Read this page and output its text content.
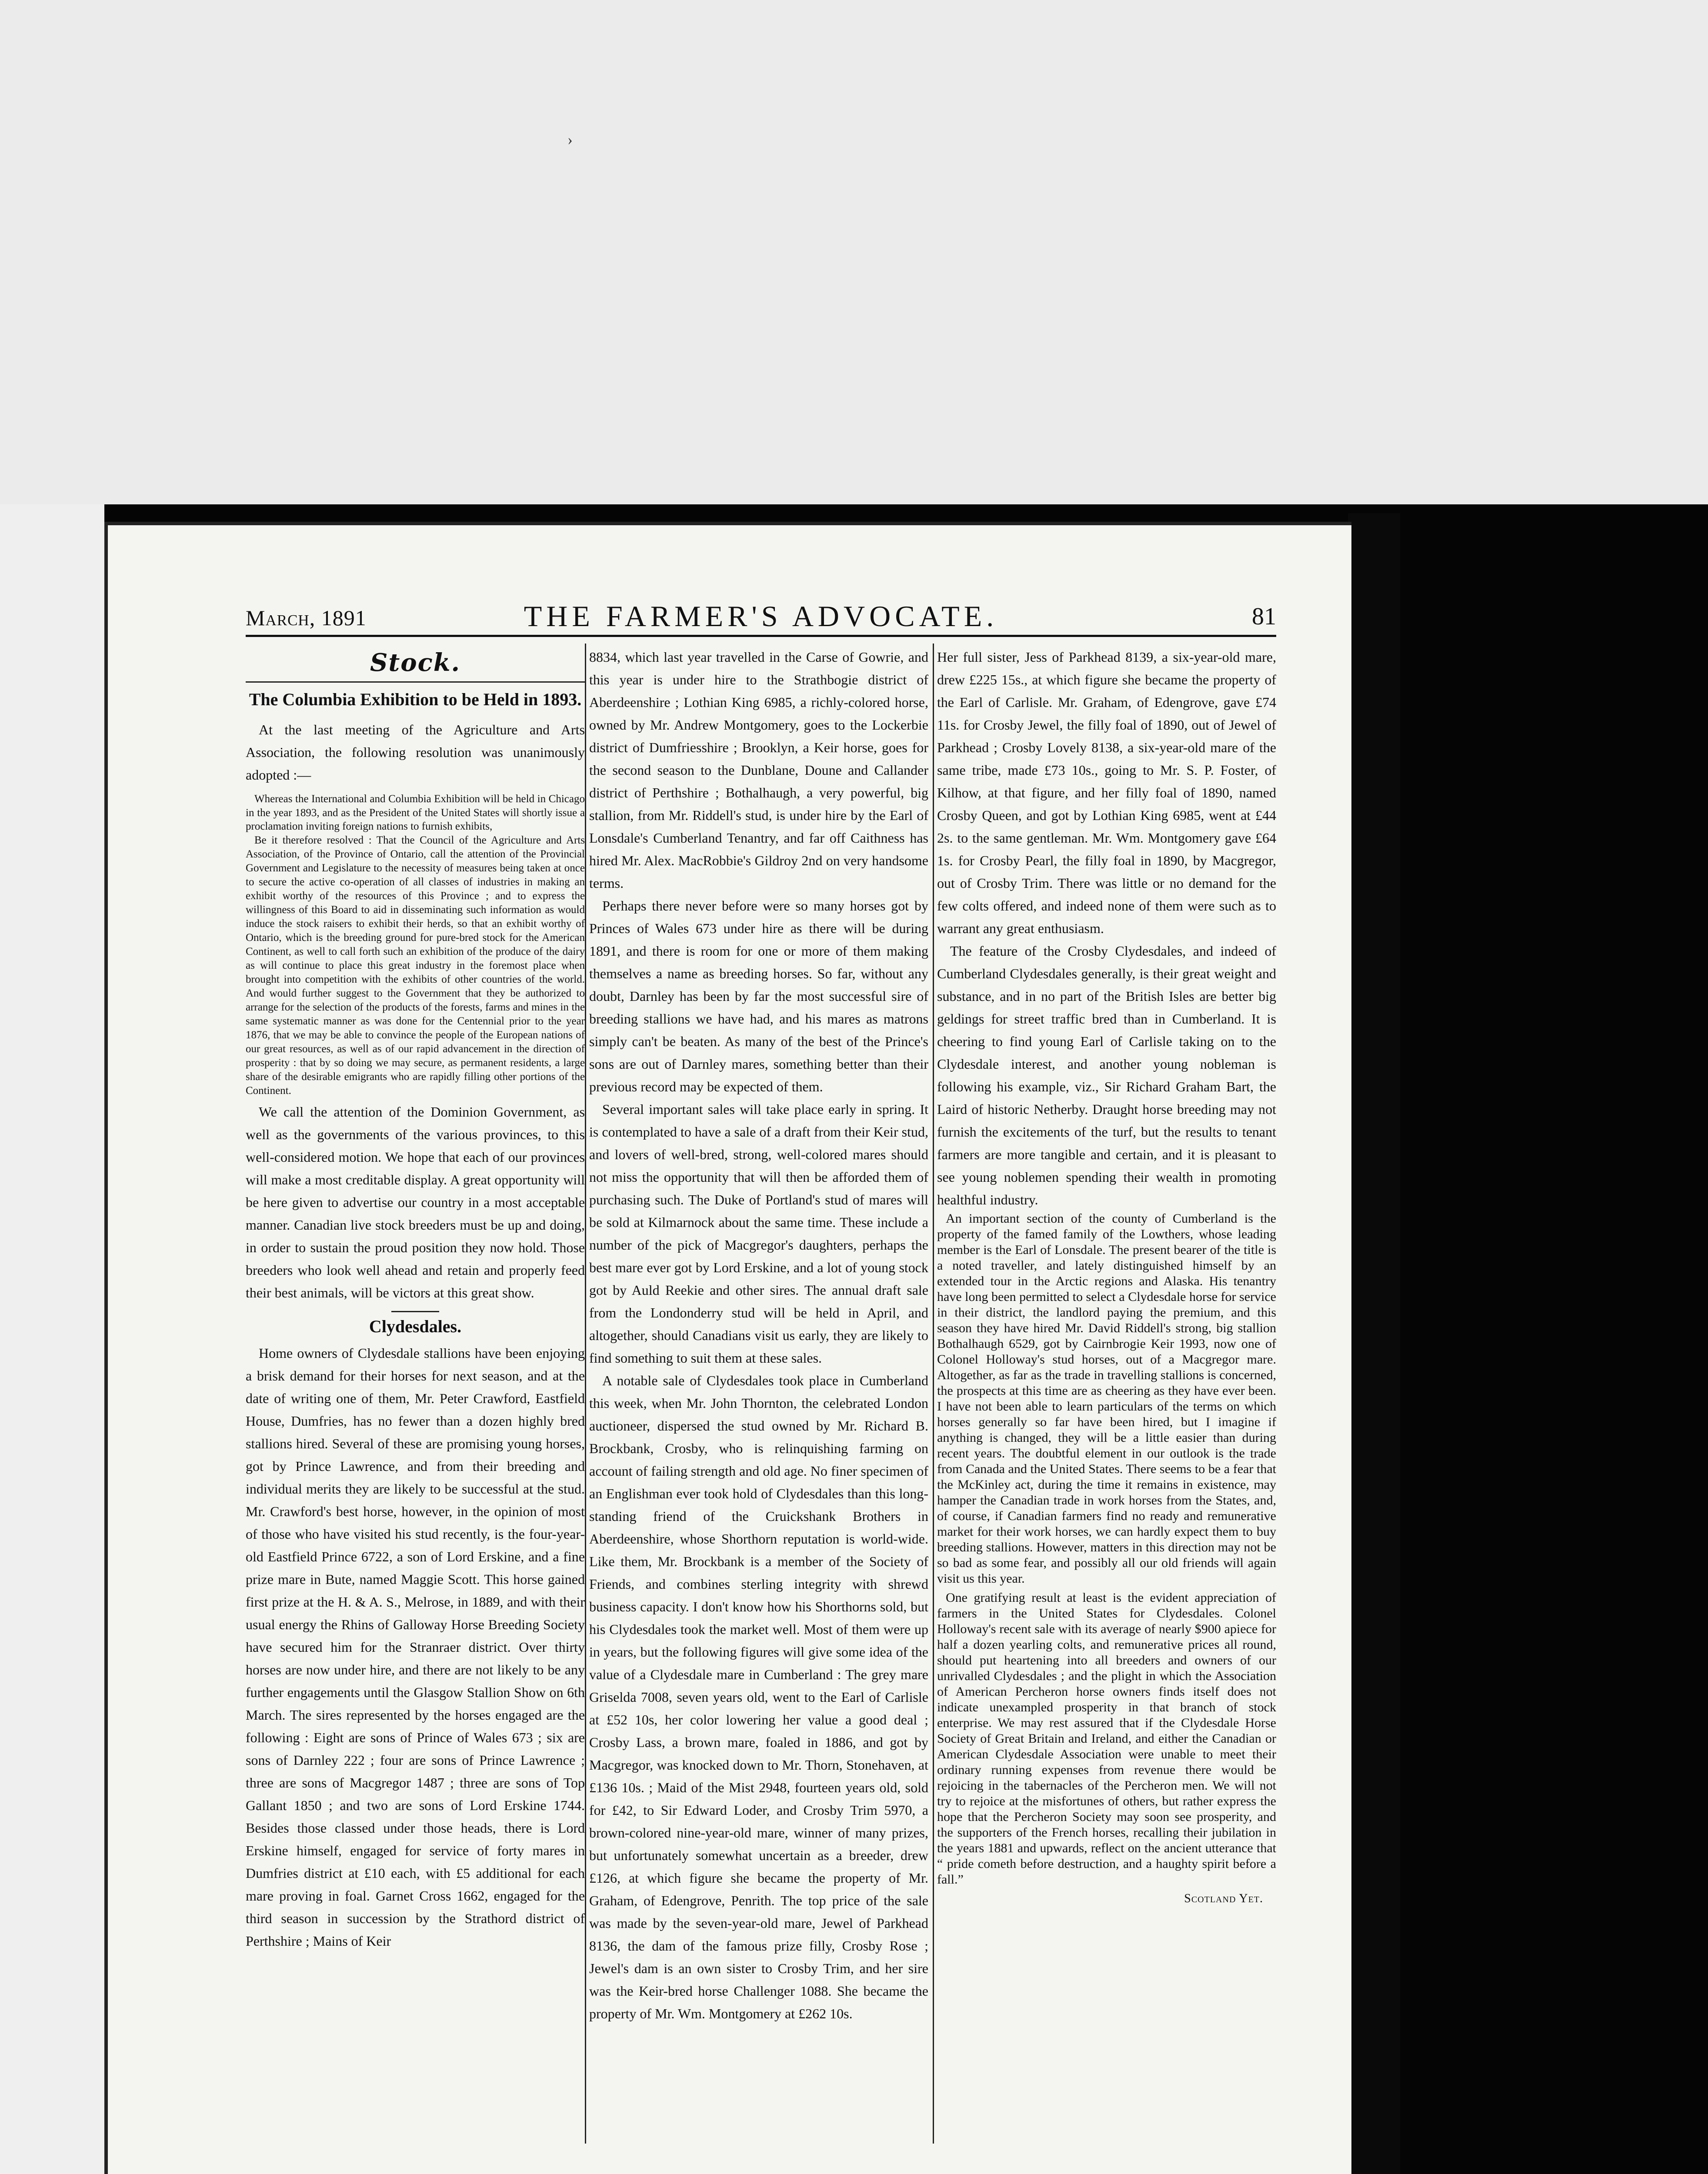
›
March, 1891	THE FARMER'S ADVOCATE.	81
Stock.
The Columbia Exhibition to be Held in 1893.

At the last meeting of the Agriculture and Arts Association, the following resolution was unanimously adopted :—

Whereas the International and Columbia Exhibition will be held in Chicago in the year 1893, and as the President of the United States will shortly issue a proclamation inviting foreign nations to furnish exhibits,

Be it therefore resolved : That the Council of the Agriculture and Arts Association, of the Province of Ontario, call the attention of the Provincial Government and Legislature to the necessity of measures being taken at once to secure the active co-operation of all classes of industries in making an exhibit worthy of the resources of this Province ; and to express the willingness of this Board to aid in disseminating such information as would induce the stock raisers to exhibit their herds, so that an exhibit worthy of Ontario, which is the breeding ground for pure-bred stock for the American Continent, as well to call forth such an exhibition of the produce of the dairy as will continue to place this great industry in the foremost place when brought into competition with the exhibits of other countries of the world. And would further suggest to the Government that they be authorized to arrange for the selection of the products of the forests, farms and mines in the same systematic manner as was done for the Centennial prior to the year 1876, that we may be able to convince the people of the European nations of our great resources, as well as of our rapid advancement in the direction of prosperity : that by so doing we may secure, as permanent residents, a large share of the desirable emigrants who are rapidly filling other portions of the Continent.

We call the attention of the Dominion Government, as well as the governments of the various provinces, to this well-considered motion. We hope that each of our provinces will make a most creditable display. A great opportunity will be here given to advertise our country in a most acceptable manner. Canadian live stock breeders must be up and doing, in order to sustain the proud position they now hold. Those breeders who look well ahead and retain and properly feed their best animals, will be victors at this great show.

Clydesdales.

Home owners of Clydesdale stallions have been enjoying a brisk demand for their horses for next season, and at the date of writing one of them, Mr. Peter Crawford, Eastfield House, Dumfries, has no fewer than a dozen highly bred stallions hired. Several of these are promising young horses, got by Prince Lawrence, and from their breeding and individual merits they are likely to be successful at the stud. Mr. Crawford's best horse, however, in the opinion of most of those who have visited his stud recently, is the four-year-old Eastfield Prince 6722, a son of Lord Erskine, and a fine prize mare in Bute, named Maggie Scott. This horse gained first prize at the H. & A. S., Melrose, in 1889, and with their usual energy the Rhins of Galloway Horse Breeding Society have secured him for the Stranraer district. Over thirty horses are now under hire, and there are not likely to be any further engagements until the Glasgow Stallion Show on 6th March. The sires represented by the horses engaged are the following : Eight are sons of Prince of Wales 673 ; six are sons of Darnley 222 ; four are sons of Prince Lawrence ; three are sons of Macgregor 1487 ; three are sons of Top Gallant 1850 ; and two are sons of Lord Erskine 1744. Besides those classed under those heads, there is Lord Erskine himself, engaged for service of forty mares in Dumfries district at £10 each, with £5 additional for each mare proving in foal. Garnet Cross 1662, engaged for the third season in succession by the Strathord district of Perthshire ; Mains of Keir

8834, which last year travelled in the Carse of Gowrie, and this year is under hire to the Strathbogie district of Aberdeenshire ; Lothian King 6985, a richly-colored horse, owned by Mr. Andrew Montgomery, goes to the Lockerbie district of Dumfriesshire ; Brooklyn, a Keir horse, goes for the second season to the Dunblane, Doune and Callander district of Perthshire ; Bothalhaugh, a very powerful, big stallion, from Mr. Riddell's stud, is under hire by the Earl of Lonsdale's Cumberland Tenantry, and far off Caithness has hired Mr. Alex. MacRobbie's Gildroy 2nd on very handsome terms.

Perhaps there never before were so many horses got by Princes of Wales 673 under hire as there will be during 1891, and there is room for one or more of them making themselves a name as breeding horses. So far, without any doubt, Darnley has been by far the most successful sire of breeding stallions we have had, and his mares as matrons simply can't be beaten. As many of the best of the Prince's sons are out of Darnley mares, something better than their previous record may be expected of them.

Several important sales will take place early in spring. It is contemplated to have a sale of a draft from their Keir stud, and lovers of well-bred, strong, well-colored mares should not miss the opportunity that will then be afforded them of purchasing such. The Duke of Portland's stud of mares will be sold at Kilmarnock about the same time. These include a number of the pick of Macgregor's daughters, perhaps the best mare ever got by Lord Erskine, and a lot of young stock got by Auld Reekie and other sires. The annual draft sale from the Londonderry stud will be held in April, and altogether, should Canadians visit us early, they are likely to find something to suit them at these sales.

A notable sale of Clydesdales took place in Cumberland this week, when Mr. John Thornton, the celebrated London auctioneer, dispersed the stud owned by Mr. Richard B. Brockbank, Crosby, who is relinquishing farming on account of failing strength and old age. No finer specimen of an Englishman ever took hold of Clydesdales than this long-standing friend of the Cruickshank Brothers in Aberdeenshire, whose Shorthorn reputation is world-wide. Like them, Mr. Brockbank is a member of the Society of Friends, and combines sterling integrity with shrewd business capacity. I don't know how his Shorthorns sold, but his Clydesdales took the market well. Most of them were up in years, but the following figures will give some idea of the value of a Clydesdale mare in Cumberland : The grey mare Griselda 7008, seven years old, went to the Earl of Carlisle at £52 10s, her color lowering her value a good deal ; Crosby Lass, a brown mare, foaled in 1886, and got by Macgregor, was knocked down to Mr. Thorn, Stonehaven, at £136 10s. ; Maid of the Mist 2948, fourteen years old, sold for £42, to Sir Edward Loder, and Crosby Trim 5970, a brown-colored nine-year-old mare, winner of many prizes, but unfortunately somewhat uncertain as a breeder, drew £126, at which figure she became the property of Mr. Graham, of Edengrove, Penrith. The top price of the sale was made by the seven-year-old mare, Jewel of Parkhead 8136, the dam of the famous prize filly, Crosby Rose ; Jewel's dam is an own sister to Crosby Trim, and her sire was the Keir-bred horse Challenger 1088. She became the property of Mr. Wm. Montgomery at £262 10s.

Her full sister, Jess of Parkhead 8139, a six-year-old mare, drew £225 15s., at which figure she became the property of the Earl of Carlisle. Mr. Graham, of Edengrove, gave £74 11s. for Crosby Jewel, the filly foal of 1890, out of Jewel of Parkhead ; Crosby Lovely 8138, a six-year-old mare of the same tribe, made £73 10s., going to Mr. S. P. Foster, of Kilhow, at that figure, and her filly foal of 1890, named Crosby Queen, and got by Lothian King 6985, went at £44 2s. to the same gentleman. Mr. Wm. Montgomery gave £64 1s. for Crosby Pearl, the filly foal in 1890, by Macgregor, out of Crosby Trim. There was little or no demand for the few colts offered, and indeed none of them were such as to warrant any great enthusiasm.

The feature of the Crosby Clydesdales, and indeed of Cumberland Clydesdales generally, is their great weight and substance, and in no part of the British Isles are better big geldings for street traffic bred than in Cumberland. It is cheering to find young Earl of Carlisle taking on to the Clydesdale interest, and another young nobleman is following his example, viz., Sir Richard Graham Bart, the Laird of historic Netherby. Draught horse breeding may not furnish the excitements of the turf, but the results to tenant farmers are more tangible and certain, and it is pleasant to see young noblemen spending their wealth in promoting healthful industry.

An important section of the county of Cumberland is the property of the famed family of the Lowthers, whose leading member is the Earl of Lonsdale. The present bearer of the title is a noted traveller, and lately distinguished himself by an extended tour in the Arctic regions and Alaska. His tenantry have long been permitted to select a Clydesdale horse for service in their district, the landlord paying the premium, and this season they have hired Mr. David Riddell's strong, big stallion Bothalhaugh 6529, got by Cairnbrogie Keir 1993, now one of Colonel Holloway's stud horses, out of a Macgregor mare. Altogether, as far as the trade in travelling stallions is concerned, the prospects at this time are as cheering as they have ever been. I have not been able to learn particulars of the terms on which horses generally so far have been hired, but I imagine if anything is changed, they will be a little easier than during recent years. The doubtful element in our outlook is the trade from Canada and the United States. There seems to be a fear that the McKinley act, during the time it remains in existence, may hamper the Canadian trade in work horses from the States, and, of course, if Canadian farmers find no ready and remunerative market for their work horses, we can hardly expect them to buy breeding stallions. However, matters in this direction may not be so bad as some fear, and possibly all our old friends will again visit us this year.

One gratifying result at least is the evident appreciation of farmers in the United States for Clydesdales. Colonel Holloway's recent sale with its average of nearly $900 apiece for half a dozen yearling colts, and remunerative prices all round, should put heartening into all breeders and owners of our unrivalled Clydesdales ; and the plight in which the Association of American Percheron horse owners finds itself does not indicate unexampled prosperity in that branch of stock enterprise. We may rest assured that if the Clydesdale Horse Society of Great Britain and Ireland, and either the Canadian or American Clydesdale Association were unable to meet their ordinary running expenses from revenue there would be rejoicing in the tabernacles of the Percheron men. We will not try to rejoice at the misfortunes of others, but rather express the hope that the Percheron Society may soon see prosperity, and the supporters of the French horses, recalling their jubilation in the years 1881 and upwards, reflect on the ancient utterance that “ pride cometh before destruction, and a haughty spirit before a fall.”

Scotland Yet.
